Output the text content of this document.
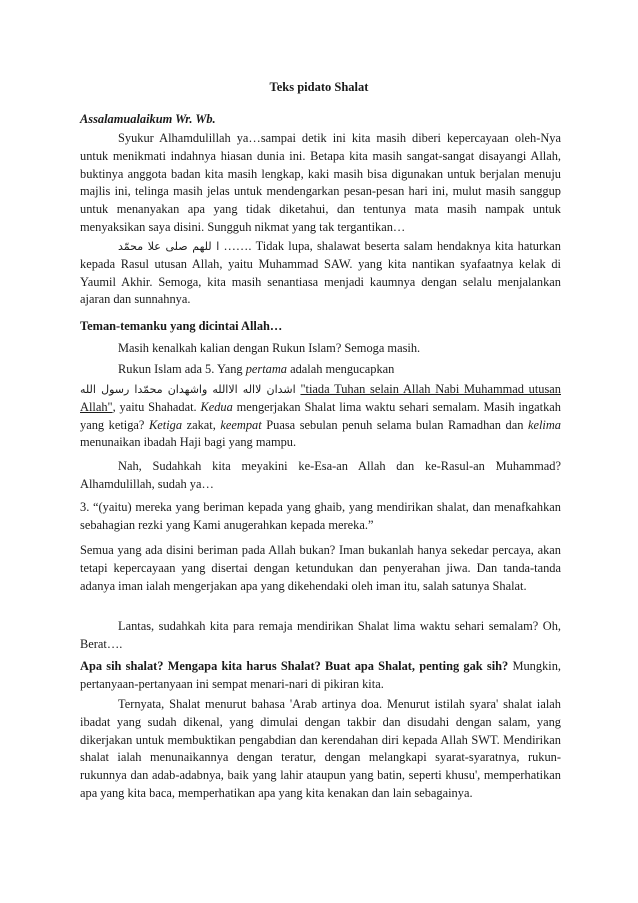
Teks pidato Shalat

Assalamualaikum Wr. Wb.

Syukur Alhamdulillah ya…sampai detik ini kita masih diberi kepercayaan oleh-Nya untuk menikmati indahnya hiasan dunia ini. Betapa kita masih sangat-sangat disayangi Allah, buktinya anggota badan kita masih lengkap, kaki masih bisa digunakan untuk berjalan menuju majlis ini, telinga masih jelas untuk mendengarkan pesan-pesan hari ini, mulut masih sanggup untuk menanyakan apa yang tidak diketahui, dan tentunya mata masih nampak untuk menyaksikan saya disini. Sungguh nikmat yang tak tergantikan…

ا للهم صلى علا محمّد ……. Tidak lupa, shalawat beserta salam hendaknya kita haturkan kepada Rasul utusan Allah, yaitu Muhammad SAW. yang kita nantikan syafaatnya kelak di Yaumil Akhir. Semoga, kita masih senantiasa menjadi kaumnya dengan selalu menjalankan ajaran dan sunnahnya.

Teman-temanku yang dicintai Allah…

Masih kenalkah kalian dengan Rukun Islam? Semoga masih.

Rukun Islam ada 5. Yang pertama adalah mengucapkan

اشدان لااله الاالله واشهدان محمّدا رسول الله "tiada Tuhan selain Allah Nabi Muhammad utusan Allah", yaitu Shahadat. Kedua mengerjakan Shalat lima waktu sehari semalam. Masih ingatkah yang ketiga? Ketiga zakat, keempat Puasa sebulan penuh selama bulan Ramadhan dan kelima menunaikan ibadah Haji bagi yang mampu.

Nah, Sudahkah kita meyakini ke-Esa-an Allah dan ke-Rasul-an Muhammad? Alhamdulillah, sudah ya…

3. “(yaitu) mereka yang beriman kepada yang ghaib, yang mendirikan shalat, dan menafkahkan sebahagian rezki yang Kami anugerahkan kepada mereka.”

Semua yang ada disini beriman pada Allah bukan? Iman bukanlah hanya sekedar percaya, akan tetapi kepercayaan yang disertai dengan ketundukan dan penyerahan jiwa. Dan tanda-tanda adanya iman ialah mengerjakan apa yang dikehendaki oleh iman itu, salah satunya Shalat.

Lantas, sudahkah kita para remaja mendirikan Shalat lima waktu sehari semalam? Oh, Berat….

Apa sih shalat? Mengapa kita harus Shalat? Buat apa Shalat, penting gak sih? Mungkin, pertanyaan-pertanyaan ini sempat menari-nari di pikiran kita.

Ternyata, Shalat menurut bahasa 'Arab artinya doa. Menurut istilah syara' shalat ialah ibadat yang sudah dikenal, yang dimulai dengan takbir dan disudahi dengan salam, yang dikerjakan untuk membuktikan pengabdian dan kerendahan diri kepada Allah SWT. Mendirikan shalat ialah menunaikannya dengan teratur, dengan melangkapi syarat-syaratnya, rukun-rukunnya dan adab-adabnya, baik yang lahir ataupun yang batin, seperti khusu', memperhatikan apa yang kita baca, memperhatikan apa yang kita kenakan dan lain sebagainya.
